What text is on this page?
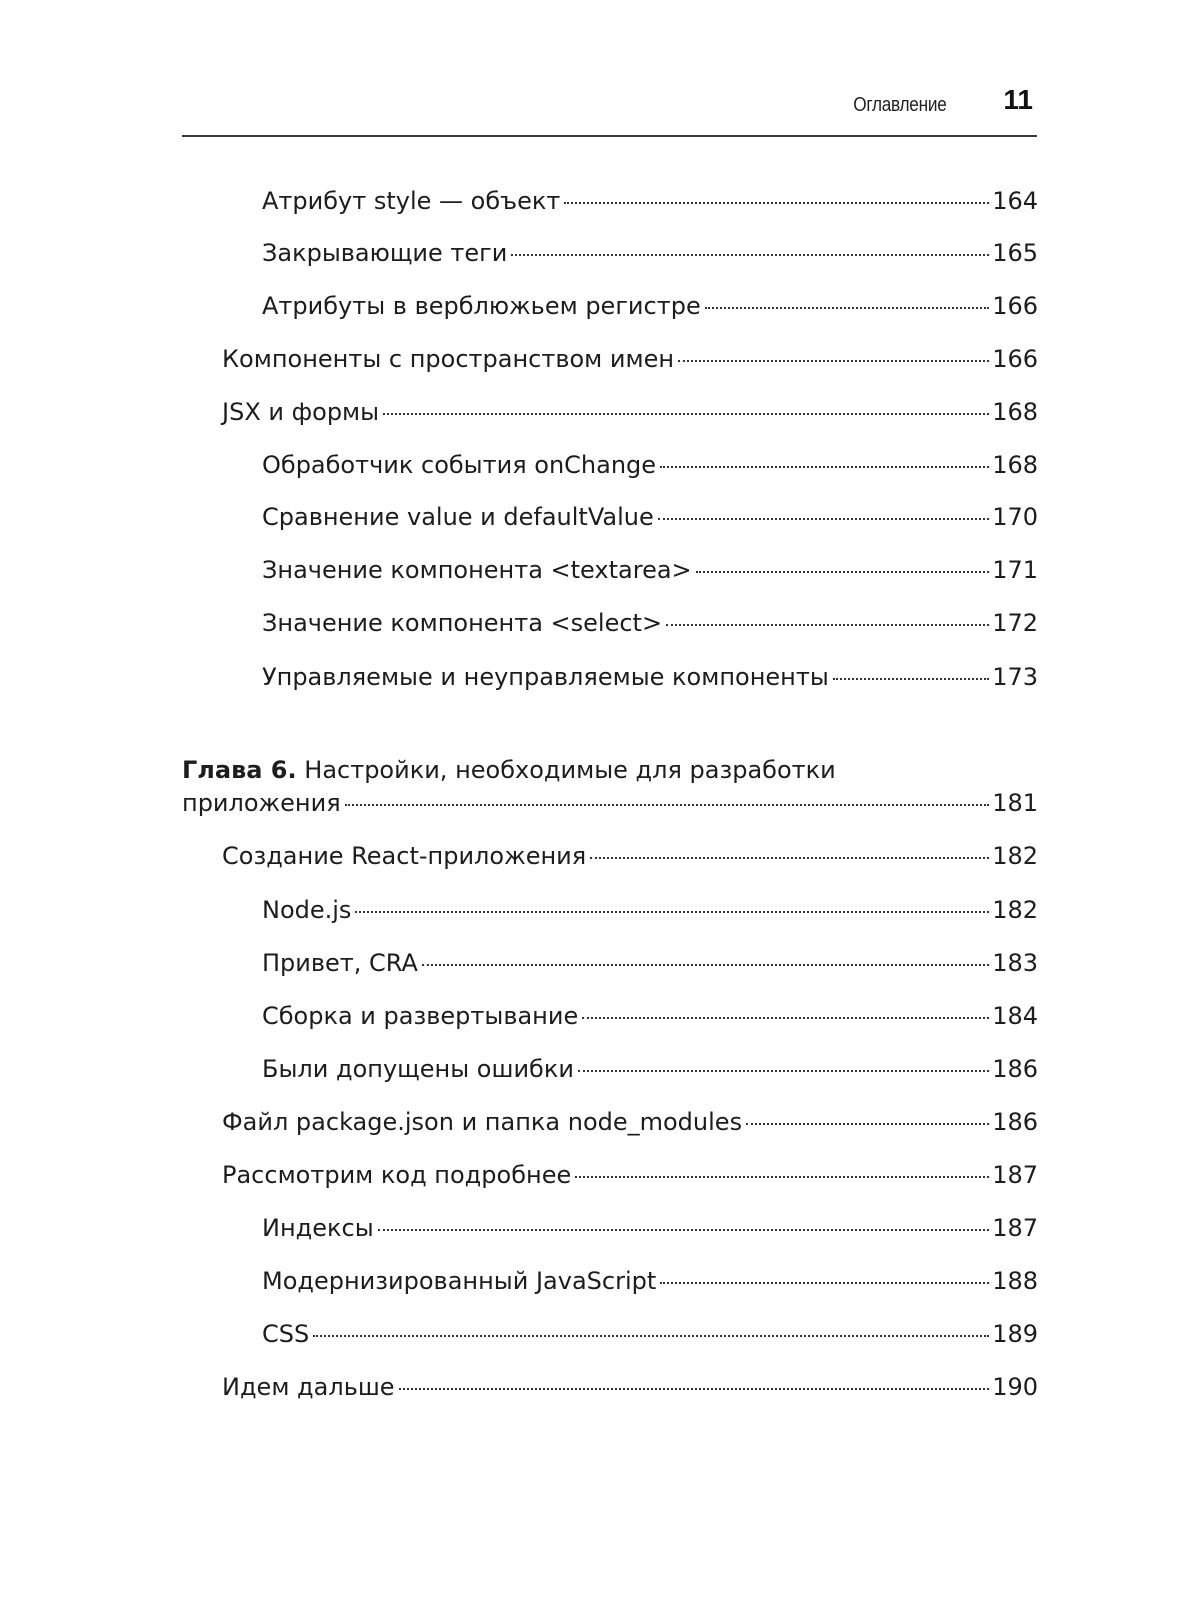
Оглавление 11
Атрибут style — объект	164
Закрывающие теги	165
Атрибуты в верблюжьем регистре	166
Компоненты с пространством имен	166
JSX и формы	168
Обработчик события onChange	168
Сравнение value и defaultValue	170
Значение компонента <textarea>	171
Значение компонента <select>	172
Управляемые и неуправляемые компоненты	173
Глава 6. Настройки, необходимые для разработки
приложения	181
Создание React-приложения	182
Node.js	182
Привет, CRA	183
Сборка и развертывание	184
Были допущены ошибки	186
Файл package.json и папка node_modules	186
Рассмотрим код подробнее	187
Индексы	187
Модернизированный JavaScript	188
CSS	189
Идем дальше	190
